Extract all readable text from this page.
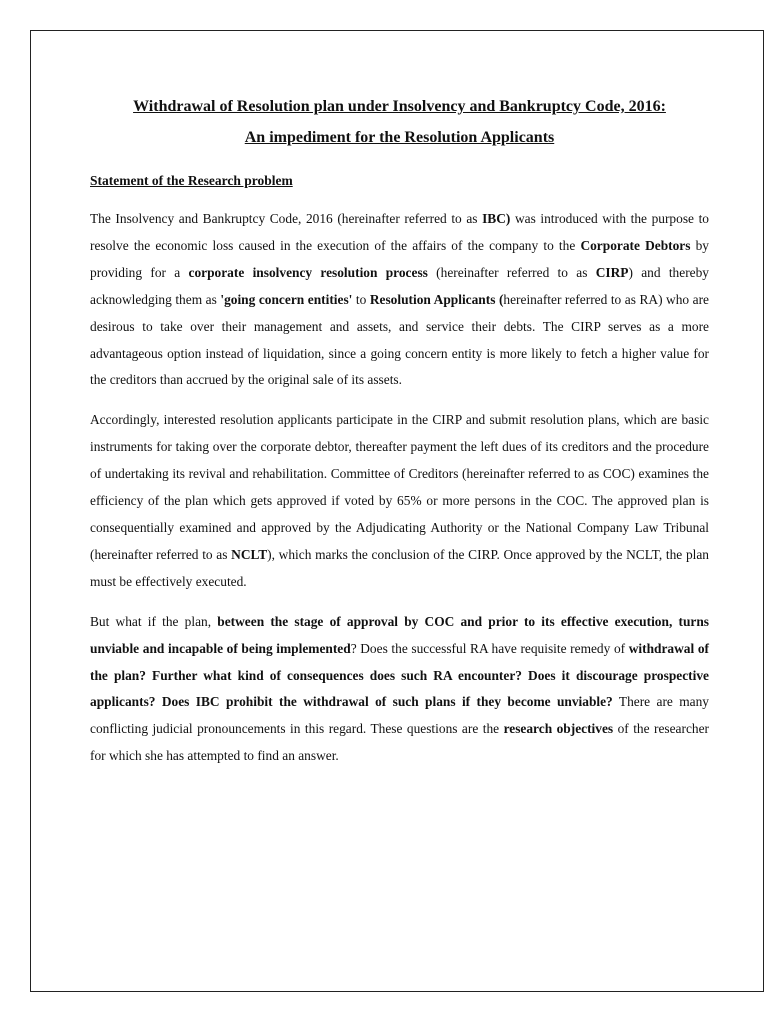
Withdrawal of Resolution plan under Insolvency and Bankruptcy Code, 2016:

An impediment for the Resolution Applicants

Statement of the Research problem

The Insolvency and Bankruptcy Code, 2016 (hereinafter referred to as IBC) was introduced with the purpose to resolve the economic loss caused in the execution of the affairs of the company to the Corporate Debtors by providing for a corporate insolvency resolution process (hereinafter referred to as CIRP) and thereby acknowledging them as 'going concern entities' to Resolution Applicants (hereinafter referred to as RA) who are desirous to take over their management and assets, and service their debts. The CIRP serves as a more advantageous option instead of liquidation, since a going concern entity is more likely to fetch a higher value for the creditors than accrued by the original sale of its assets.

Accordingly, interested resolution applicants participate in the CIRP and submit resolution plans, which are basic instruments for taking over the corporate debtor, thereafter payment the left dues of its creditors and the procedure of undertaking its revival and rehabilitation. Committee of Creditors (hereinafter referred to as COC) examines the efficiency of the plan which gets approved if voted by 65% or more persons in the COC. The approved plan is consequentially examined and approved by the Adjudicating Authority or the National Company Law Tribunal (hereinafter referred to as NCLT), which marks the conclusion of the CIRP. Once approved by the NCLT, the plan must be effectively executed.

But what if the plan, between the stage of approval by COC and prior to its effective execution, turns unviable and incapable of being implemented? Does the successful RA have requisite remedy of withdrawal of the plan? Further what kind of consequences does such RA encounter? Does it discourage prospective applicants? Does IBC prohibit the withdrawal of such plans if they become unviable? There are many conflicting judicial pronouncements in this regard. These questions are the research objectives of the researcher for which she has attempted to find an answer.
